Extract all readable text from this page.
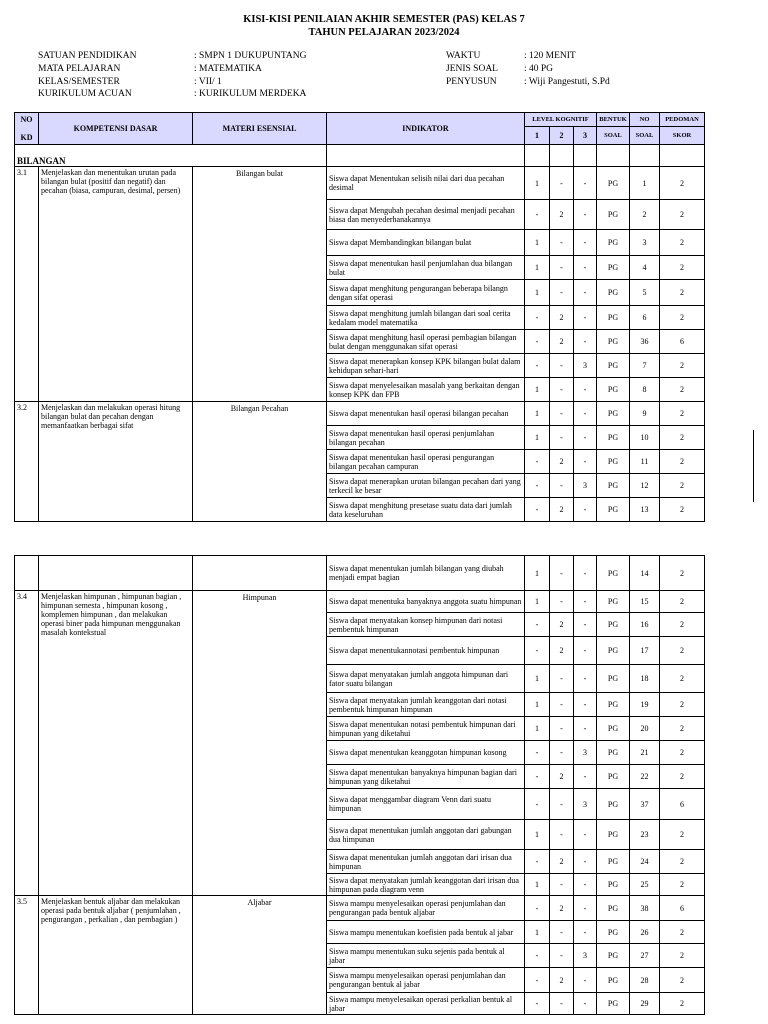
KISI-KISI PENILAIAN AKHIR SEMESTER (PAS) KELAS 7
TAHUN PELAJARAN 2023/2024
SATUAN PENDIDIKAN	: SMPN 1 DUKUPUNTANG
MATA PELAJARAN	: MATEMATIKA
KELAS/SEMESTER	: VII/ 1
KURIKULUM ACUAN	: KURIKULUM MERDEKA
WAKTU	: 120 MENIT
JENIS SOAL	: 40 PG
PENYUSUN	: Wiji Pangestuti, S.Pd
NO

KD	KOMPETENSI DASAR	MATERI ESENSIAL	INDIKATOR	LEVEL KOGNITIF			BENTUK	NO	PEDOMAN
				1	2	3	SOAL	SOAL	SKOR
BILANGAN									
3.1	Menjelaskan dan menentukan urutan pada bilangan bulat (positif dan negatif) dan pecahan (biasa, campuran, desimal, persen)	Bilangan bulat	Siswa dapat Menentukan selisih nilai dari dua pecahan desimal	1	-	-	PG	1	2
			Siswa dapat Mengubah pecahan desimal menjadi pecahan biasa dan menyederhanakannya	-	2	-	PG	2	2
			Siswa dapat Membandingkan bilangan bulat	1	-	-	PG	3	2
			Siswa dapat menentukan hasil penjumlahan dua bilangan bulat	1	-	-	PG	4	2
			Siswa dapat menghitung pengurangan beberapa bilangn dengan sifat operasi	1	-	-	PG	5	2
			Siswa dapat menghitung jumlah bilangan dari soal cerita kedalam model matematika	-	2	-	PG	6	2
			Siswa dapat menghitung hasil operasi pembagian bilangan bulat dengan menggunakan sifat operasi	-	2	-	PG	36	6
			Siswa dapat menerapkan konsep KPK bilangan bulat dalam kehidupan sehari-hari	-	-	3	PG	7	2
			Siswa dapat menyelesaikan masalah yang berkaitan dengan konsep KPK dan FPB	1	-	-	PG	8	2
3.2	Menjelaskan dan melakukan operasi hitung bilangan bulat dan pecahan dengan memanfaatkan berbagai sifat	Bilangan Pecahan	Siswa dapat menentukan hasil operasi bilangan pecahan	1	-	-	PG	9	2
			Siswa dapat menentukan hasil operasi penjumlahan bilangan pecahan	1	-	-	PG	10	2
			Siswa dapat menentukan hasil operasi pengurangan bilangan pecahan campuran	-	2	-	PG	11	2
			Siswa dapat menerapkan urutan bilangan pecahan dari yang terkecil ke besar	-	-	3	PG	12	2
			Siswa dapat menghitung presetase suatu data dari jumlah data keseluruhan	-	2	-	PG	13	2
			Siswa dapat menentukan jumlah bilangan yang diubah menjadi empat bagian	1	-	-	PG	14	2
3.4	Menjelaskan himpunan , himpunan bagian , himpunan semesta , himpunan kosong , komplemen himpunan , dan melakukan operasi biner pada himpunan menggunakan masalah kontekstual	Himpunan	Siswa dapat menentuka banyaknya anggota suatu himpunan	1	-	-	PG	15	2
			Siswa dapat menyatakan konsep himpunan dari notasi pembentuk himpunan	-	2	-	PG	16	2
			Siswa dapat menentukannotasi pembentuk himpunan	-	2	-	PG	17	2
			Siswa dapat menyatakan jumlah anggota himpunan dari fator suatu bilangan	1	-	-	PG	18	2
			Siswa dapat menyatakan jumlah keanggotan dari notasi pembentuk himpunan himpunan	1	-	-	PG	19	2
			Siswa dapat menentukan notasi pembentuk himpunan dari himpunan yang diketahui	1	-	-	PG	20	2
			Siswa dapat menentukan keanggotan himpunan kosong	-	-	3	PG	21	2
			Siswa dapat menentukan banyaknya himpunan bagian dari himpunan yang diketahui	-	2	-	PG	22	2
			Siswa dapat menggambar diagram Venn dari suatu himpunan	-	-	3	PG	37	6
			Siswa dapat menentukan jumlah anggotan dari gabungan dua himpunan	1	-	-	PG	23	2
			Siswa dapat menentukan jumlah anggotan dari irisan dua himpunan	-	2	-	PG	24	2
			Siswa dapat menyatakan jumlah keanggotan dari irisan dua himpunan pada diagram venn	1	-	-	PG	25	2
3.5	Menjelaskan bentuk aljabar dan melakukan operasi pada bentuk aljabar ( penjumlahan , pengurangan , perkalian , dan pembagian )	Aljabar	Siswa mampu menyelesaikan operasi penjumlahan dan pengurangan pada bentuk aljabar	-	2	-	PG	38	6
			Siswa mampu menentukan koefisien pada bentuk al jabar	1	-	-	PG	26	2
			Siswa mampu menentukan suku sejenis pada bentuk al jabar	-	-	3	PG	27	2
			Siswa mampu menyelesaikan operasi penjumlahan dan pengurangan bentuk al jabar	-	2	-	PG	28	2
			Siswa mampu menyelesaikan operasi perkalian bentuk al jabar	-	-	-	PG	29	2
